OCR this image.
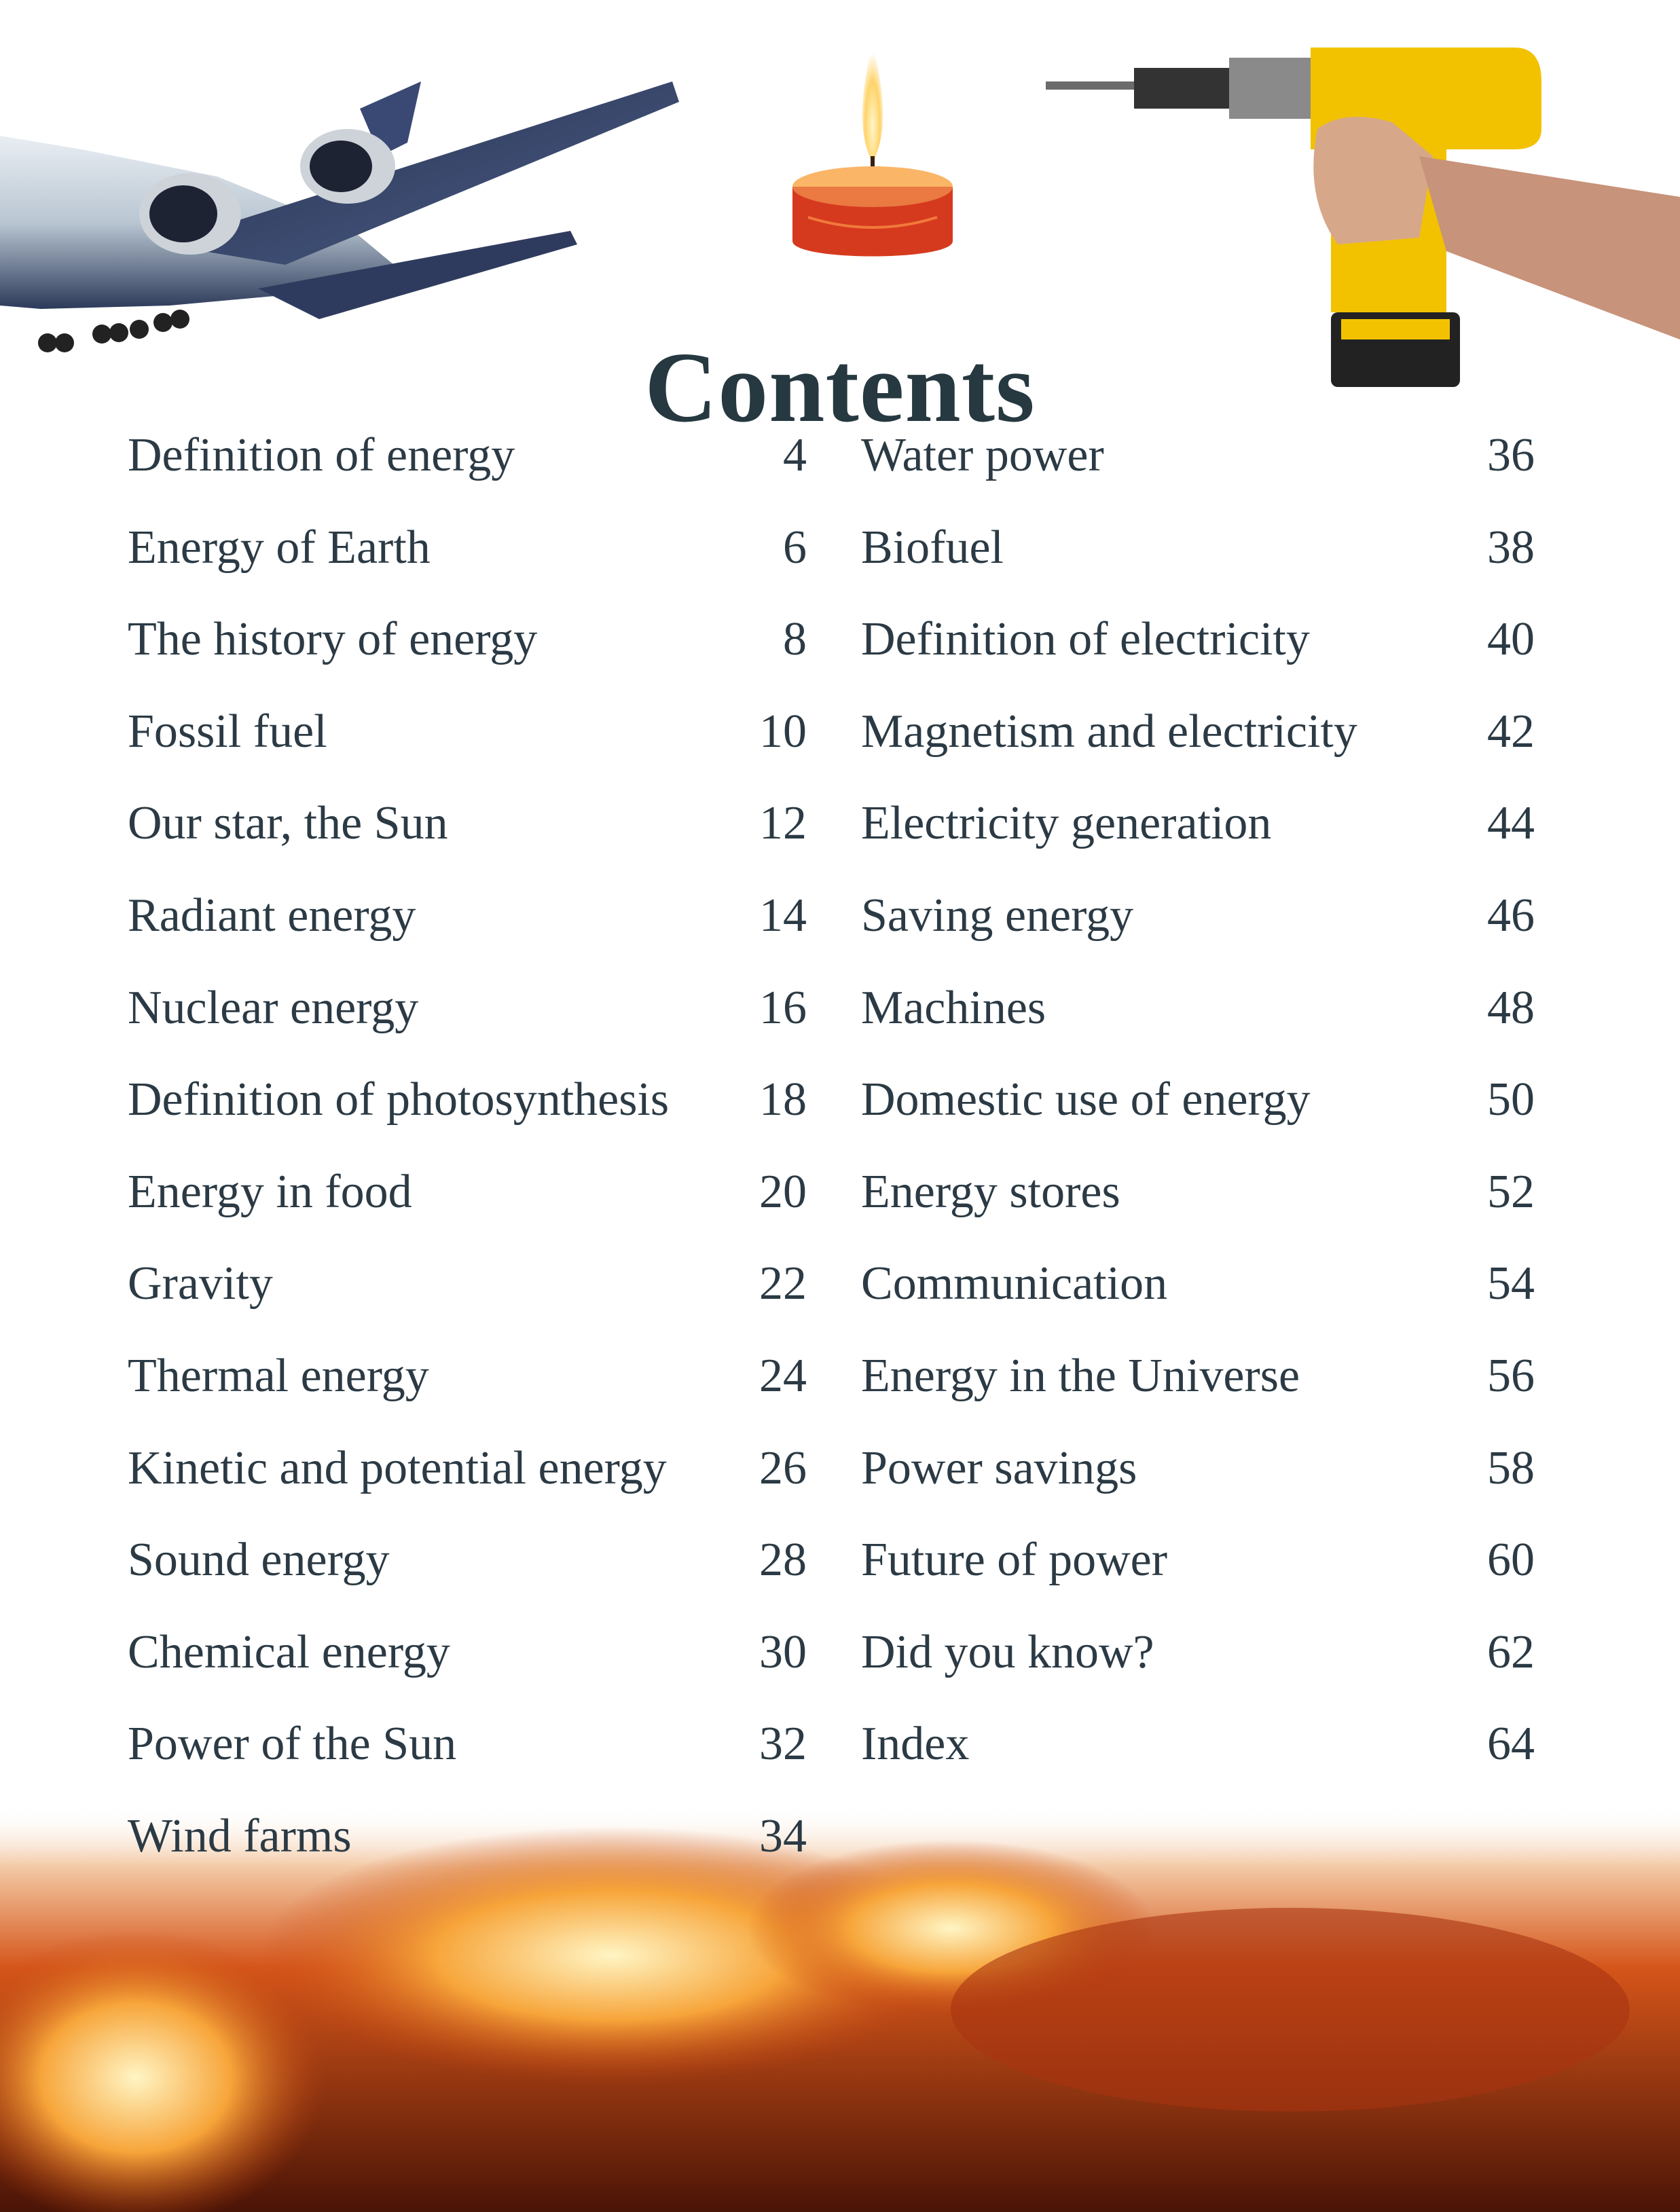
Contents
Definition of energy	4
Energy of Earth	6
The history of energy	8
Fossil fuel	10
Our star, the Sun	12
Radiant energy	14
Nuclear energy	16
Definition of photosynthesis 18
Energy in food	20
Gravity	22
Thermal energy	24
Kinetic and potential energy 26
Sound energy	28
Chemical energy	30
Power of the Sun	32
Wind farms	34
Water power	36
Biofuel	38
Definition of electricity	40
Magnetism and electricity	42
Electricity generation	44
Saving energy	46
Machines	48
Domestic use of energy	50
Energy stores	52
Communication	54
Energy in the Universe	56
Power savings	58
Future of power	60
Did you know?	62
Index	64
